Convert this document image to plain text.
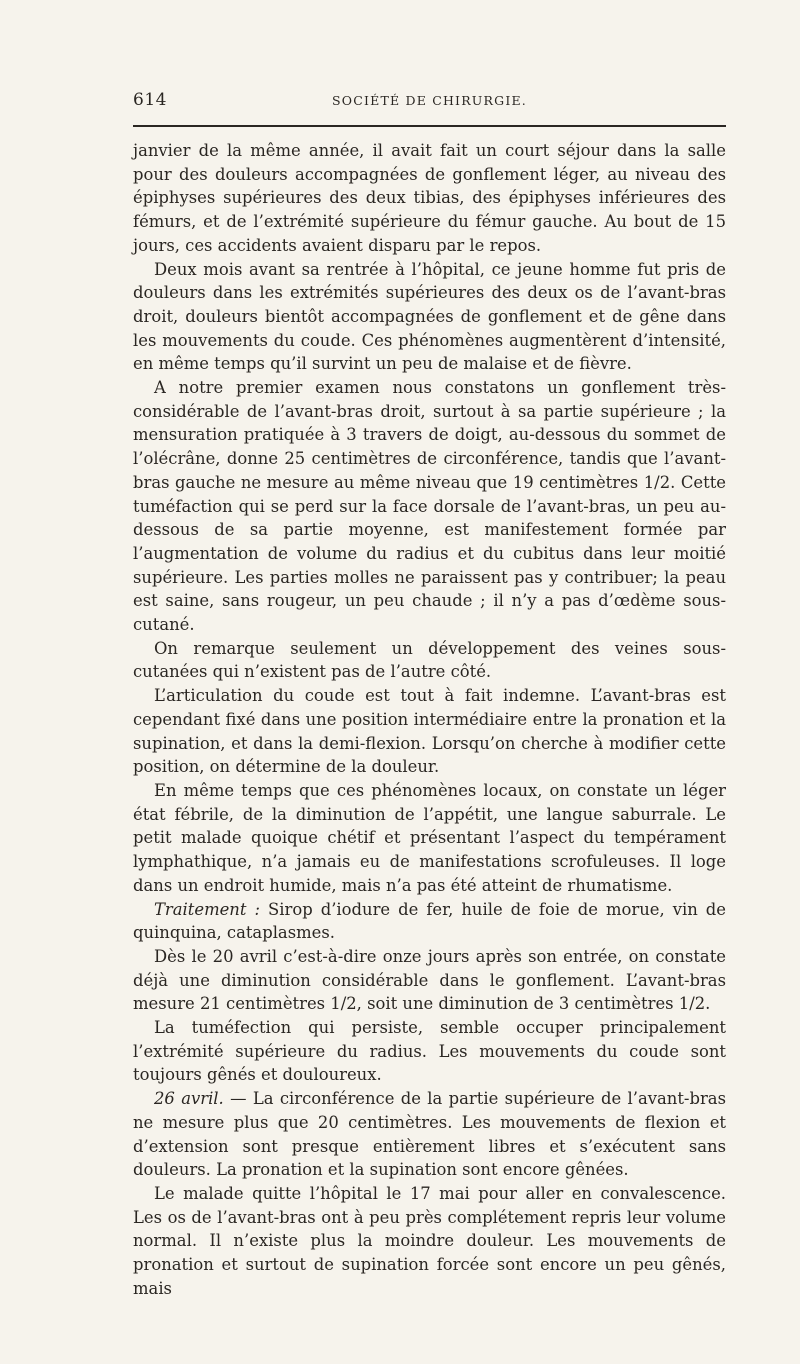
614	SOCIÉTÉ DE CHIRURGIE.

janvier de la même année, il avait fait un court séjour dans la salle pour des douleurs accompagnées de gonflement léger, au niveau des épiphyses supérieures des deux tibias, des épiphyses inférieures des fémurs, et de l’extrémité supérieure du fémur gauche. Au bout de 15 jours, ces accidents avaient disparu par le repos.

Deux mois avant sa rentrée à l’hôpital, ce jeune homme fut pris de douleurs dans les extrémités supérieures des deux os de l’avant-bras droit, douleurs bientôt accompagnées de gonflement et de gêne dans les mouvements du coude. Ces phénomènes augmentèrent d’intensité, en même temps qu’il survint un peu de malaise et de fièvre.

A notre premier examen nous constatons un gonflement très-considérable de l’avant-bras droit, surtout à sa partie supérieure ; la mensuration pratiquée à 3 travers de doigt, au-dessous du sommet de l’olécrâne, donne 25 centimètres de circonférence, tandis que l’avant-bras gauche ne mesure au même niveau que 19 centimètres 1/2. Cette tuméfaction qui se perd sur la face dorsale de l’avant-bras, un peu au-dessous de sa partie moyenne, est manifestement formée par l’augmentation de volume du radius et du cubitus dans leur moitié supérieure. Les parties molles ne paraissent pas y contribuer; la peau est saine, sans rougeur, un peu chaude ; il n’y a pas d’œdème sous-cutané.

On remarque seulement un développement des veines sous-cutanées qui n’existent pas de l’autre côté.

L’articulation du coude est tout à fait indemne. L’avant-bras est cependant fixé dans une position intermédiaire entre la pronation et la supination, et dans la demi-flexion. Lorsqu’on cherche à modifier cette position, on détermine de la douleur.

En même temps que ces phénomènes locaux, on constate un léger état fébrile, de la diminution de l’appétit, une langue saburrale. Le petit malade quoique chétif et présentant l’aspect du tempérament lymphathique, n’a jamais eu de manifestations scrofuleuses. Il loge dans un endroit humide, mais n’a pas été atteint de rhumatisme.

Traitement : Sirop d’iodure de fer, huile de foie de morue, vin de quinquina, cataplasmes.

Dès le 20 avril c’est-à-dire onze jours après son entrée, on constate déjà une diminution considérable dans le gonflement. L’avant-bras mesure 21 centimètres 1/2, soit une diminution de 3 centimètres 1/2.

La tuméfection qui persiste, semble occuper principalement l’extrémité supérieure du radius. Les mouvements du coude sont toujours gênés et douloureux.

26 avril. — La circonférence de la partie supérieure de l’avant-bras ne mesure plus que 20 centimètres. Les mouvements de flexion et d’extension sont presque entièrement libres et s’exécutent sans douleurs. La pronation et la supination sont encore gênées.

Le malade quitte l’hôpital le 17 mai pour aller en convalescence. Les os de l’avant-bras ont à peu près complétement repris leur volume normal. Il n’existe plus la moindre douleur. Les mouvements de pronation et surtout de supination forcée sont encore un peu gênés, mais
